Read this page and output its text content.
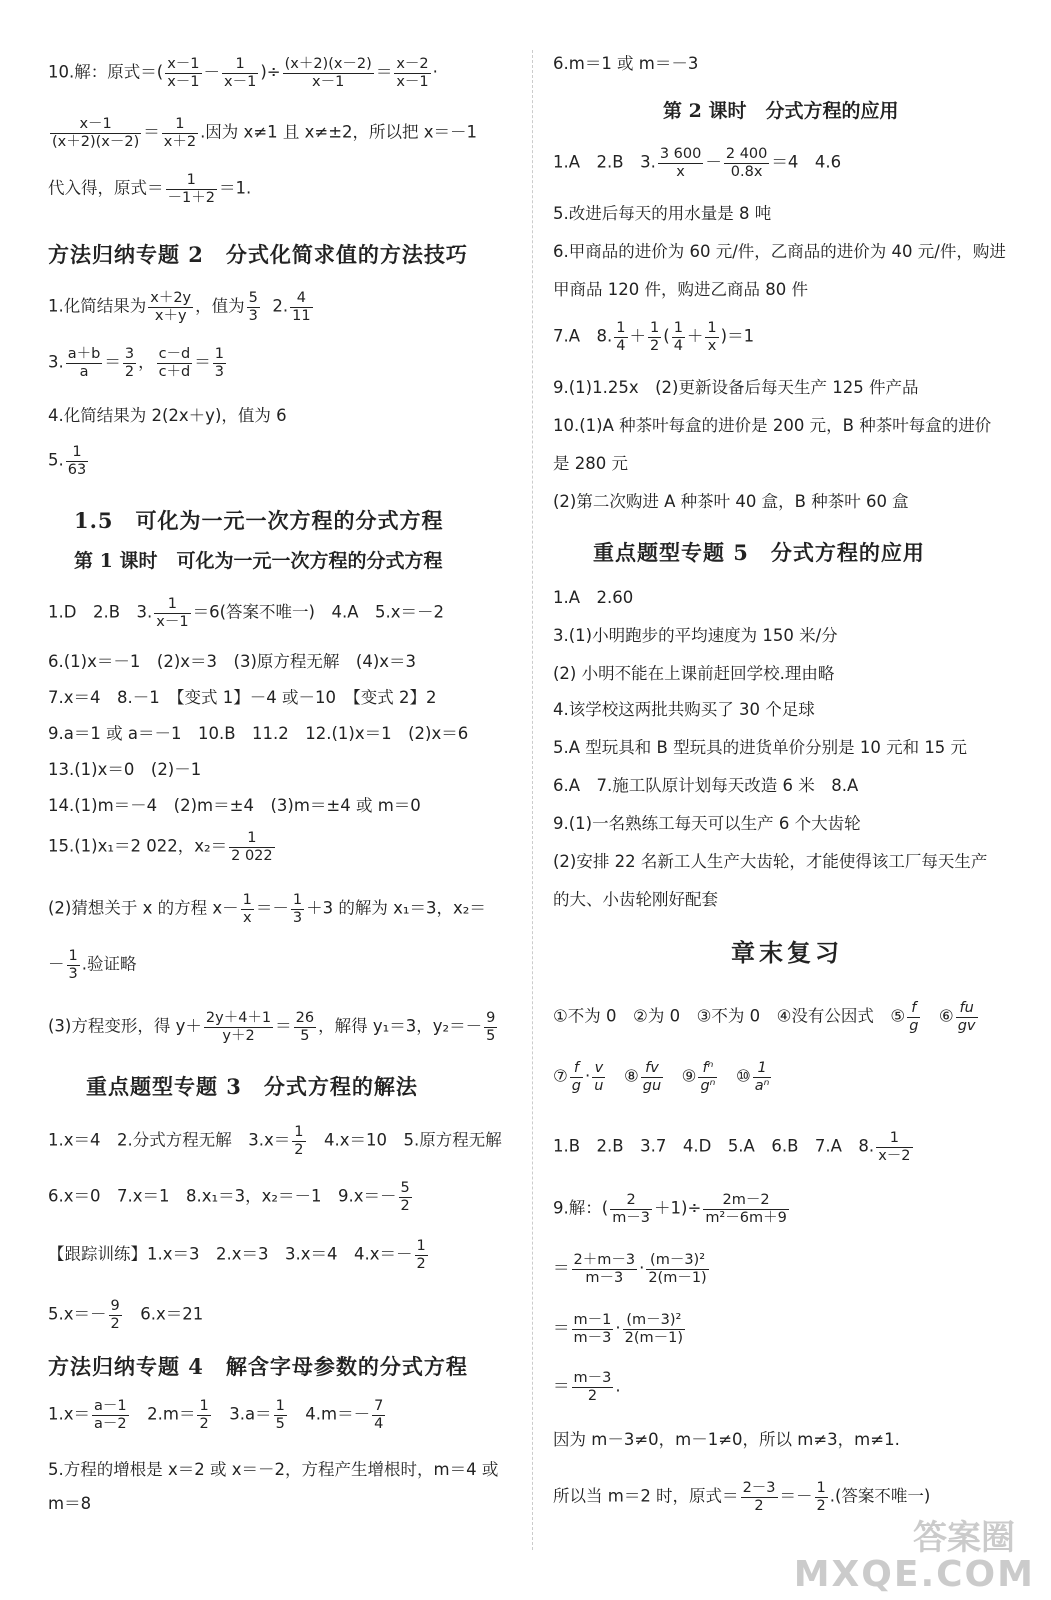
10.解：原式＝( $\frac{x-1}{x-1} - \frac{1}{x-1}$ )÷ $\frac{(x+2)(x-2)}{x-1} = \frac{x-2}{x-1}$ ·
$\frac{x-1}{(x+2)(x-2)} = \frac{1}{x+2}$ .因为 x≠1 且 x≠±2，所以把 x＝－1
代入得，原式＝ $\frac{1}{-1+2} =1$.
方法归纳专题 2　分式化简求值的方法技巧
1.化简结果为 $\frac{x+2y}{x+y}$ ，值为 $\frac{5}{3} 2$. $\frac{4}{11}$
3. $\frac{a+b}{a} = \frac{3}{2}$ ， $\frac{c-d}{c+d} = \frac{1}{3}$
4.化简结果为 2(2x＋y)，值为 6
5. $\frac{1}{63}$
1.5　可化为一元一次方程的分式方程
第 1 课时　可化为一元一次方程的分式方程
1.D　2.B　3. $\frac{1}{x-1} =6$(答案不唯一)　4.A　5.x＝－2
6.(1)x＝－1　(2)x＝3　(3)原方程无解　(4)x＝3
7.x＝4　8.－1　【变式 1】－4 或－10　【变式 2】2
9.a＝1 或 a＝－1　10.B　11.2　12.(1)x＝1　(2)x＝6
13.(1)x＝0　(2)－1
14.(1)m＝－4　(2)m＝±4　(3)m＝±4 或 m＝0
15.(1)x₁＝2 022，$x_2= \frac{1}{2 022}$
(2)猜想关于 x 的方程 $x- \frac{1}{x} =- \frac{1}{3} +3$ 的解为 x₁＝3，x₂＝
－ $\frac{1}{3}$ .验证略
(3)方程变形，得 $y+ \frac{2y+4+1}{y+2} = \frac{26}{5}$ ，解得 y₁＝3，$y_2=- \frac{9}{5}$
重点题型专题 3　分式方程的解法
1.x＝4　2.分式方程无解　$3.x= \frac{1}{2}$ 　4.x＝10　5.原方程无解
6.x＝0　7.x＝1　8.x₁＝3，x₂＝－1　$9.x=- \frac{5}{2}$
【跟踪训练】1.x＝3　2.x＝3　3.x＝4　$4.x=- \frac{1}{2}$
$5.x=- \frac{9}{2}$ 　6.x＝21
方法归纳专题 4　解含字母参数的分式方程
$1.x= \frac{a-1}{a-2}$ 　$2.m= \frac{1}{2}$ 　$3.a= \frac{1}{5}$ 　$4.m=- \frac{7}{4}$
5.方程的增根是 x＝2 或 x＝－2，方程产生增根时，m＝4 或
m＝8
6.m＝1 或 m＝－3
第 2 课时　分式方程的应用
1.A　2.B　3. $\frac{3 600}{x} - \frac{2 400}{0.8x} =4$　4.6
5.改进后每天的用水量是 8 吨
6.甲商品的进价为 60 元/件，乙商品的进价为 40 元/件，购进
甲商品 120 件，购进乙商品 80 件
7.A　8. $\frac{1}{4} + \frac{1}{2}$ ( $\frac{1}{4} + \frac{1}{x} )=1$
9.(1)1.25x　(2)更新设备后每天生产 125 件产品
10.(1)A 种茶叶每盒的进价是 200 元，B 种茶叶每盒的进价
是 280 元
(2)第二次购进 A 种茶叶 40 盒，B 种茶叶 60 盒
重点题型专题 5　分式方程的应用
1.A　2.60
3.(1)小明跑步的平均速度为 150 米/分
(2) 小明不能在上课前赶回学校.理由略
4.该学校这两批共购买了 30 个足球
5.A 型玩具和 B 型玩具的进货单价分别是 10 元和 15 元
6.A　7.施工队原计划每天改造 6 米　8.A
9.(1)一名熟练工每天可以生产 6 个大齿轮
(2)安排 22 名新工人生产大齿轮，才能使得该工厂每天生产
的大、小齿轮刚好配套
章末复习
①不为 0　②为 0　③不为 0　④没有公因式　⑤ $\frac{f}{g}$ 　⑥ $\frac{fu}{gv}$
⑦ $\frac{f}{g} \cdot \frac{v}{u}$ 　⑧ $\frac{fv}{gu}$ 　⑨ $\frac{\text{fⁿ}}{\text{gⁿ}}$ 　⑩ $\frac{1}{\text{aⁿ}}$
1.B　2.B　3.7　4.D　5.A　6.B　7.A　8. $\frac{1}{x-2}$
9.解：( $\frac{2}{m-3} +1)\div \frac{2m-2}{\text{m²－6m＋9}}$
＝ $\frac{2+m-3}{m-3} \cdot \frac{\text{(m－3)²}}{2(m-1)}$
＝ $\frac{m-1}{m-3} \cdot \frac{\text{(m－3)²}}{2(m-1)}$
＝ $\frac{m-3}{2}$ .
因为 m－3≠0，m－1≠0，所以 m≠3，m≠1.
所以当 m＝2 时，原式＝ $\frac{2-3}{2} =- \frac{1}{2}$ .(答案不唯一)
答案圈
MXQE.COM
